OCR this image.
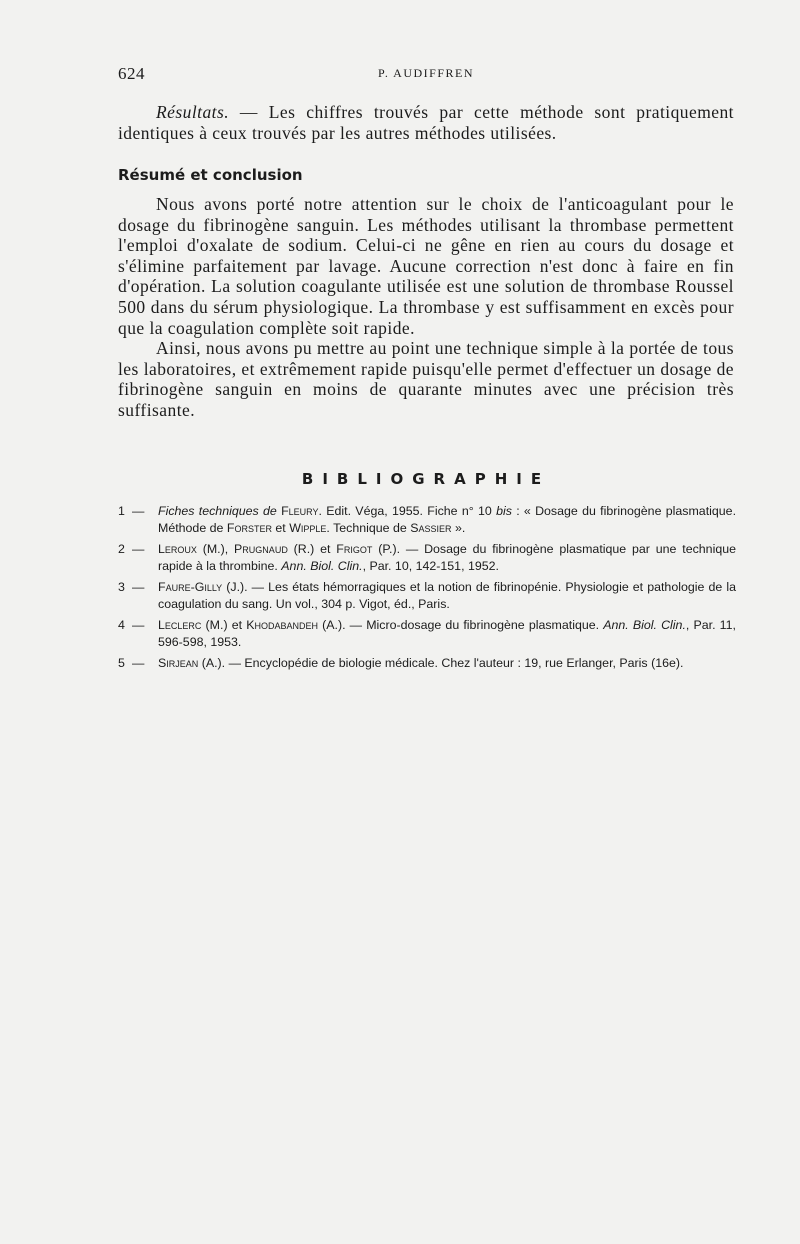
624	P. AUDIFFREN

Résultats. — Les chiffres trouvés par cette méthode sont pratiquement identiques à ceux trouvés par les autres méthodes utilisées.

Résumé et conclusion

Nous avons porté notre attention sur le choix de l'anticoagulant pour le dosage du fibrinogène sanguin. Les méthodes utilisant la thrombase permettent l'emploi d'oxalate de sodium. Celui-ci ne gêne en rien au cours du dosage et s'élimine parfaitement par lavage. Aucune correction n'est donc à faire en fin d'opération. La solution coagulante utilisée est une solution de thrombase Roussel 500 dans du sérum physiologique. La thrombase y est suffisamment en excès pour que la coagulation complète soit rapide.

Ainsi, nous avons pu mettre au point une technique simple à la portée de tous les laboratoires, et extrêmement rapide puisqu'elle permet d'effectuer un dosage de fibrinogène sanguin en moins de quarante minutes avec une précision très suffisante.

BIBLIOGRAPHIE
1 — Fiches techniques de Fleury. Edit. Véga, 1955. Fiche n° 10 bis : « Dosage du fibrinogène plasmatique. Méthode de Forster et Wipple. Technique de Sassier ».
2 — Leroux (M.), Prugnaud (R.) et Frigot (P.). — Dosage du fibrinogène plasmatique par une technique rapide à la thrombine. Ann. Biol. Clin., Par. 10, 142-151, 1952.
3 — Faure-Gilly (J.). — Les états hémorragiques et la notion de fibrinopénie. Physiologie et pathologie de la coagulation du sang. Un vol., 304 p. Vigot, éd., Paris.
4 — Leclerc (M.) et Khodabandeh (A.). — Micro-dosage du fibrinogène plasmatique. Ann. Biol. Clin., Par. 11, 596-598, 1953.
5 — Sirjean (A.). — Encyclopédie de biologie médicale. Chez l'auteur : 19, rue Erlanger, Paris (16e).
